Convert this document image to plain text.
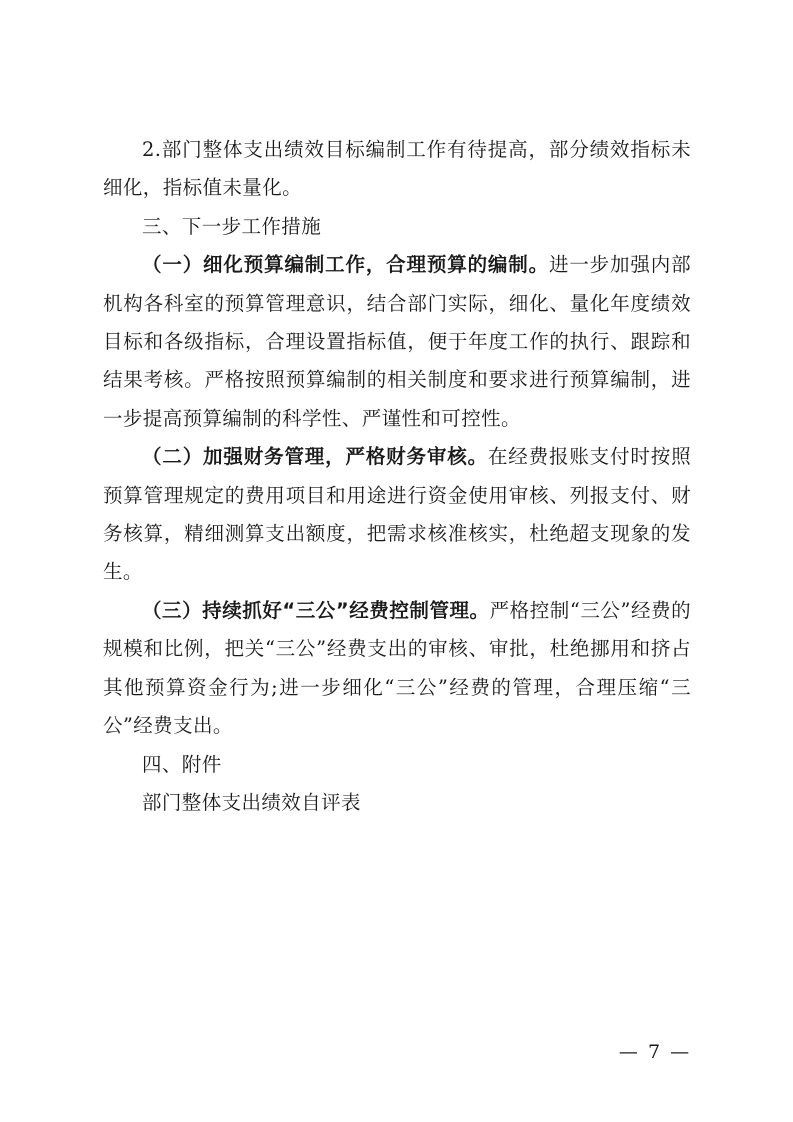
2.部门整体支出绩效目标编制工作有待提高，部分绩效指标未细化，指标值未量化。

三、下一步工作措施

（一）细化预算编制工作，合理预算的编制。进一步加强内部机构各科室的预算管理意识，结合部门实际，细化、量化年度绩效目标和各级指标，合理设置指标值，便于年度工作的执行、跟踪和结果考核。严格按照预算编制的相关制度和要求进行预算编制，进一步提高预算编制的科学性、严谨性和可控性。

（二）加强财务管理，严格财务审核。在经费报账支付时按照预算管理规定的费用项目和用途进行资金使用审核、列报支付、财务核算，精细测算支出额度，把需求核准核实，杜绝超支现象的发生。

（三）持续抓好“三公”经费控制管理。严格控制“三公”经费的规模和比例，把关“三公”经费支出的审核、审批，杜绝挪用和挤占其他预算资金行为;进一步细化“三公”经费的管理，合理压缩“三公”经费支出。

四、附件

部门整体支出绩效自评表

— 7 —
